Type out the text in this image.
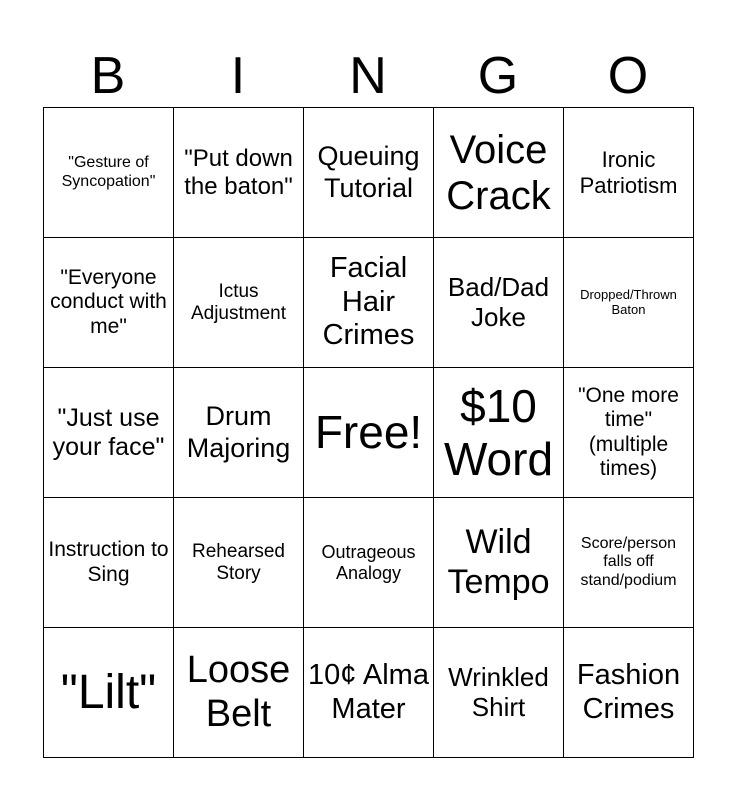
B	I	N	G	O
"Gesture of Syncopation"	"Put down the baton"	Queuing Tutorial	Voice Crack	Ironic Patriotism

"Everyone conduct with me"	Ictus Adjustment	Facial Hair Crimes	Bad/Dad Joke	Dropped/Thrown Baton

"Just use your face"	Drum Majoring	Free!	$10 Word	"One more time" (multiple times)

Instruction to Sing	Rehearsed Story	Outrageous Analogy	Wild Tempo	Score/person falls off stand/podium

"Lilt"	Loose Belt	10¢ Alma Mater	Wrinkled Shirt	Fashion Crimes
